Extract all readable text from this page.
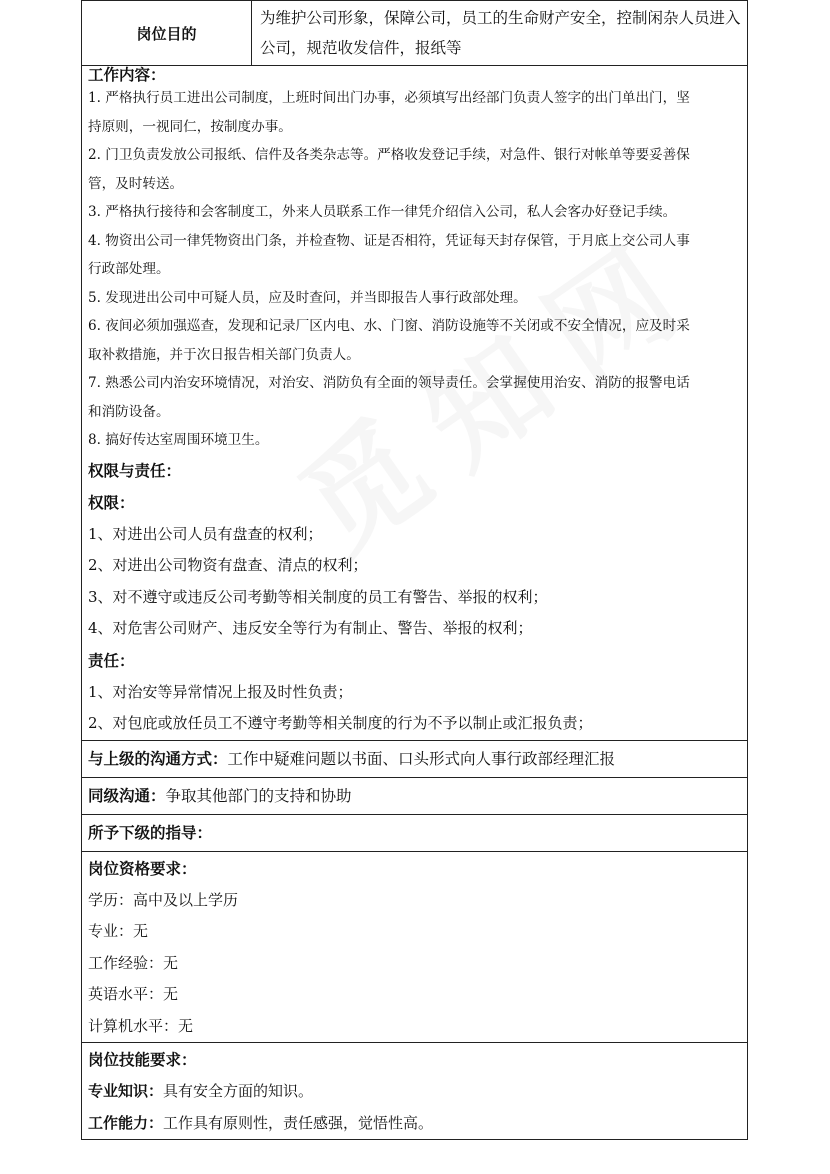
岗位目的	为维护公司形象，保障公司，员工的生命财产安全，控制闲杂人员进入公司，规范收发信件，报纸等

工作内容：
1. 严格执行员工进出公司制度，上班时间出门办事，必须填写出经部门负责人签字的出门单出门，坚
持原则，一视同仁，按制度办事。
2. 门卫负责发放公司报纸、信件及各类杂志等。严格收发登记手续，对急件、银行对帐单等要妥善保
管，及时转送。
3. 严格执行接待和会客制度工，外来人员联系工作一律凭介绍信入公司，私人会客办好登记手续。
4. 物资出公司一律凭物资出门条，并检查物、证是否相符，凭证每天封存保管，于月底上交公司人事
行政部处理。
5. 发现进出公司中可疑人员，应及时查问，并当即报告人事行政部处理。
6. 夜间必须加强巡查，发现和记录厂区内电、水、门窗、消防设施等不关闭或不安全情况，应及时采
取补救措施，并于次日报告相关部门负责人。
7. 熟悉公司内治安环境情况，对治安、消防负有全面的领导责任。会掌握使用治安、消防的报警电话
和消防设备。
8. 搞好传达室周围环境卫生。
权限与责任：
权限：
1、对进出公司人员有盘查的权利；
2、对进出公司物资有盘查、清点的权利；
3、对不遵守或违反公司考勤等相关制度的员工有警告、举报的权利；
4、对危害公司财产、违反安全等行为有制止、警告、举报的权利；
责任：
1、对治安等异常情况上报及时性负责；
2、对包庇或放任员工不遵守考勤等相关制度的行为不予以制止或汇报负责；

与上级的沟通方式：工作中疑难问题以书面、口头形式向人事行政部经理汇报
同级沟通：争取其他部门的支持和协助
所予下级的指导：

岗位资格要求：
学历：高中及以上学历
专业：无
工作经验：无
英语水平：无
计算机水平：无

岗位技能要求：
专业知识：具有安全方面的知识。
工作能力：工作具有原则性，责任感强，觉悟性高。
